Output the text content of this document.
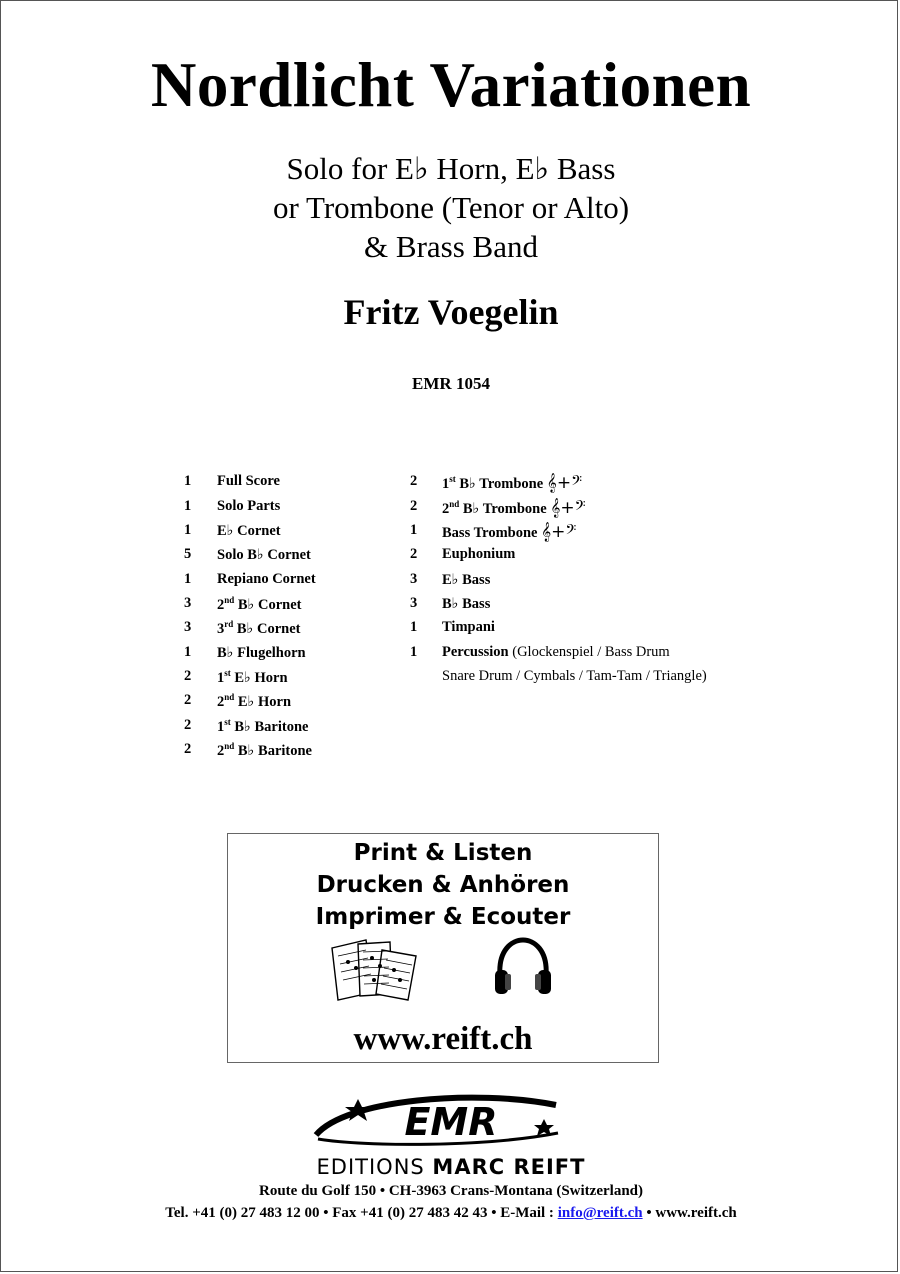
Nordlicht Variationen
Solo for E♭ Horn, E♭ Bass
or Trombone (Tenor or Alto)
& Brass Band
Fritz Voegelin
EMR 1054
1 Full Score
1 Solo Parts
1 E♭ Cornet
5 Solo B♭ Cornet
1 Repiano Cornet
3 2nd B♭ Cornet
3 3rd B♭ Cornet
1 B♭ Flugelhorn
2 1st E♭ Horn
2 2nd E♭ Horn
2 1st B♭ Baritone
2 2nd B♭ Baritone
2 1st B♭ Trombone 𝄞+𝄢
2 2nd B♭ Trombone 𝄞+𝄢
1 Bass Trombone 𝄞+𝄢
2 Euphonium
3 E♭ Bass
3 B♭ Bass
1 Timpani
1 Percussion (Glockenspiel / Bass Drum
Snare Drum / Cymbals / Tam-Tam / Triangle)
Print & Listen
Drucken & Anhören
Imprimer & Ecouter
www.reift.ch
EMR
EDITIONS MARC REIFT
Route du Golf 150 • CH-3963 Crans-Montana (Switzerland)
Tel. +41 (0) 27 483 12 00 • Fax +41 (0) 27 483 42 43 • E-Mail : info@reift.ch • www.reift.ch
